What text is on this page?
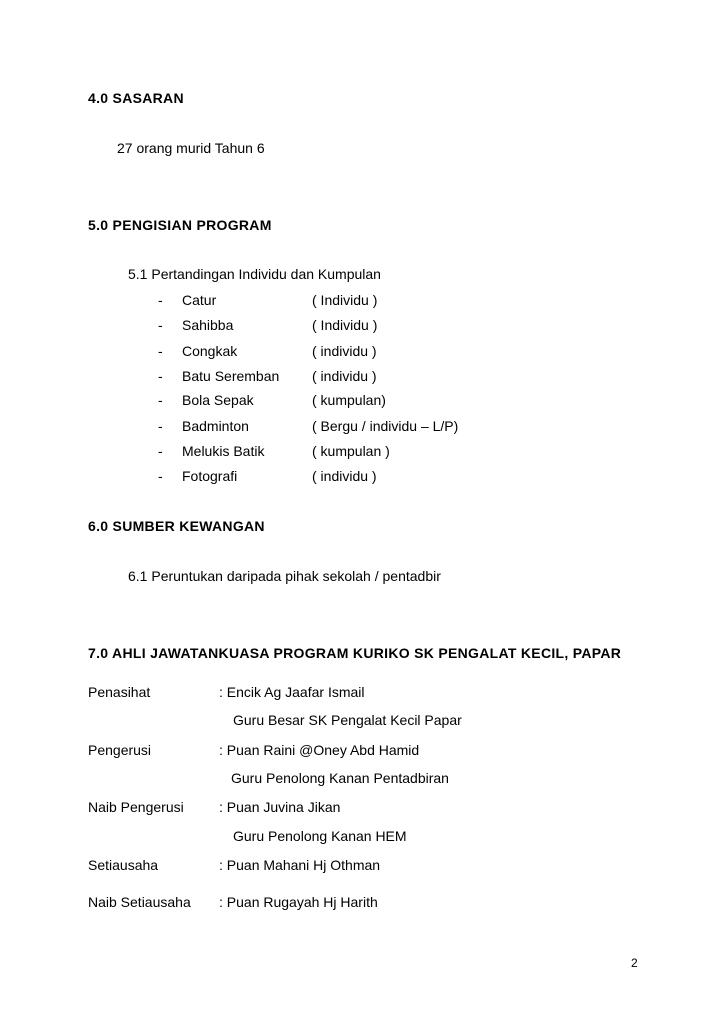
4.0 SASARAN
27 orang murid Tahun 6
5.0 PENGISIAN PROGRAM
5.1 Pertandingan Individu dan Kumpulan
- Catur	( Individu )
- Sahibba	( Individu )
- Congkak	( individu )
- Batu Seremban ( individu )
- Bola Sepak	( kumpulan)
- Badminton	( Bergu / individu – L/P)
- Melukis Batik	( kumpulan )
- Fotografi	( individu )
6.0 SUMBER KEWANGAN
6.1 Peruntukan daripada pihak sekolah / pentadbir
7.0 AHLI JAWATANKUASA PROGRAM KURIKO SK PENGALAT KECIL, PAPAR
Penasihat	: Encik Ag Jaafar Ismail
Guru Besar SK Pengalat Kecil Papar
Pengerusi	: Puan Raini @Oney Abd Hamid
Guru Penolong Kanan Pentadbiran
Naib Pengerusi	: Puan Juvina Jikan
Guru Penolong Kanan HEM
Setiausaha	: Puan Mahani Hj Othman
Naib Setiausaha : Puan Rugayah Hj Harith
2
